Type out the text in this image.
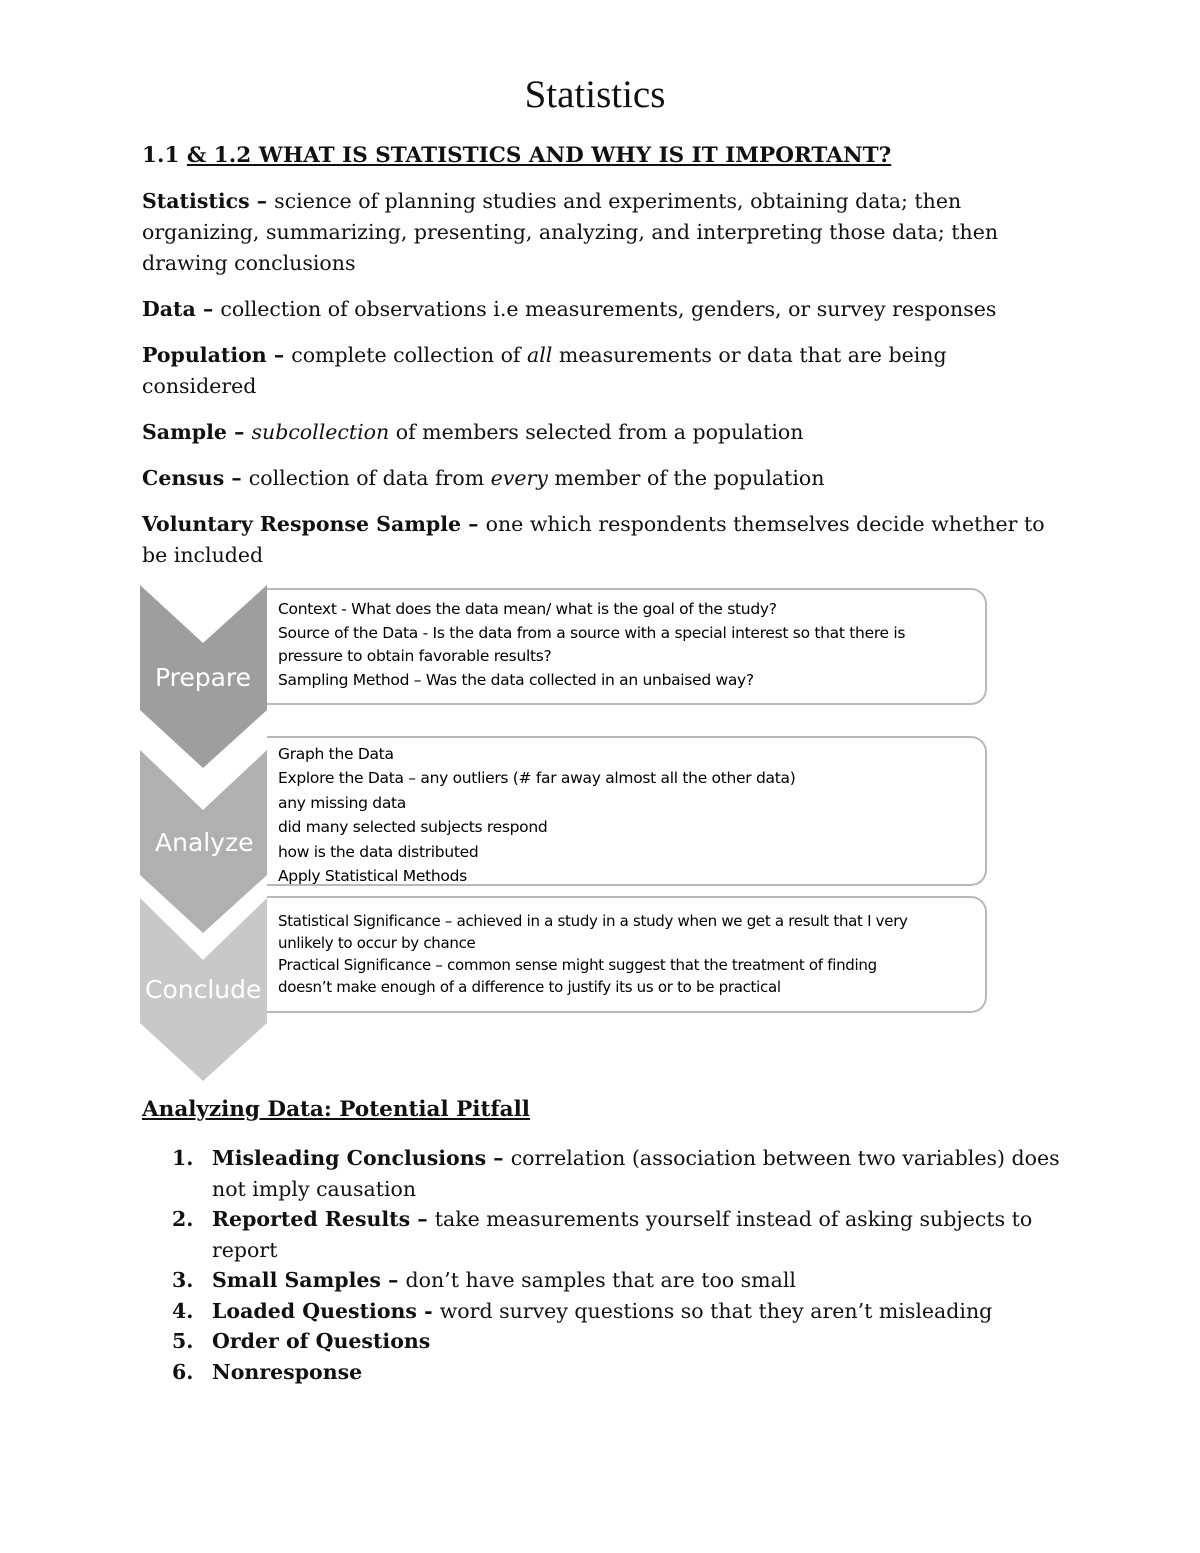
Statistics
1.1 & 1.2 WHAT IS STATISTICS AND WHY IS IT IMPORTANT?

Statistics – science of planning studies and experiments, obtaining data; then organizing, summarizing, presenting, analyzing, and interpreting those data; then drawing conclusions

Data – collection of observations i.e measurements, genders, or survey responses

Population – complete collection of all measurements or data that are being considered

Sample – subcollection of members selected from a population

Census – collection of data from every member of the population

Voluntary Response Sample – one which respondents themselves decide whether to be included

Prepare
Analyze
Conclude
Context - What does the data mean/ what is the goal of the study?
Source of the Data - Is the data from a source with a special interest so that there is
pressure to obtain favorable results?
Sampling Method – Was the data collected in an unbaised way?
Graph the Data
Explore the Data – any outliers (# far away almost all the other data)
any missing data
did many selected subjects respond
how is the data distributed
Apply Statistical Methods
Statistical Significance – achieved in a study in a study when we get a result that I very
unlikely to occur by chance
Practical Significance – common sense might suggest that the treatment of finding
doesn’t make enough of a difference to justify its us or to be practical
Analyzing Data: Potential Pitfall
1. Misleading Conclusions – correlation (association between two variables) does not imply causation
2. Reported Results – take measurements yourself instead of asking subjects to report
3. Small Samples – don’t have samples that are too small
4. Loaded Questions - word survey questions so that they aren’t misleading
5. Order of Questions
6. Nonresponse
